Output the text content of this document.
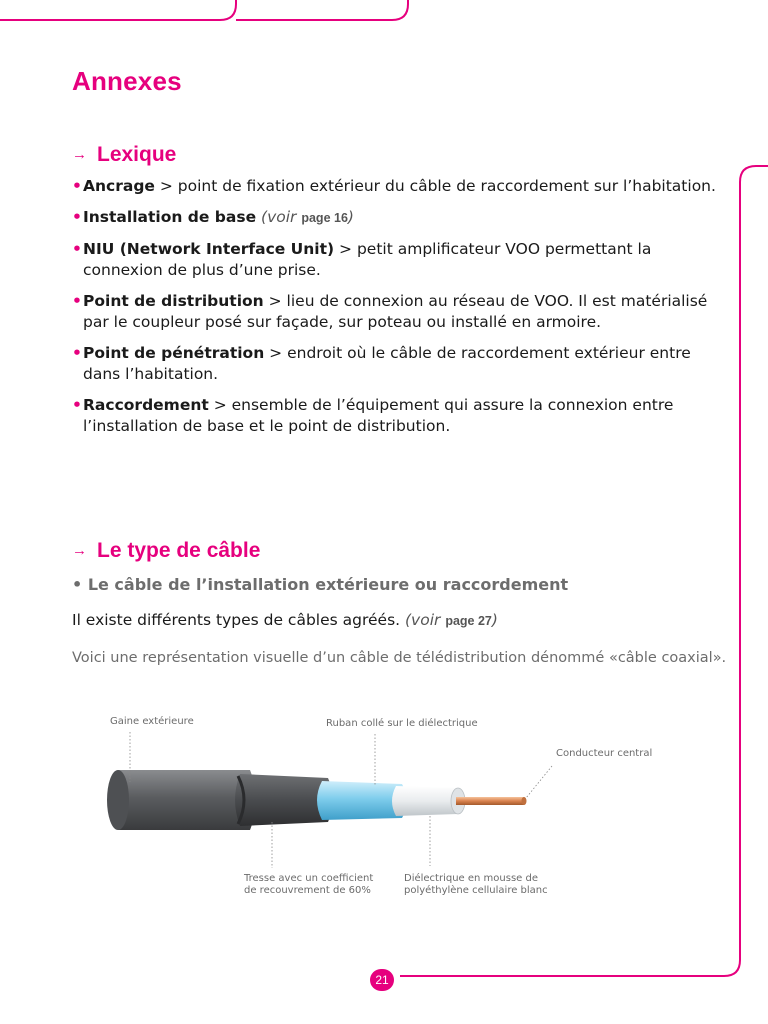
Annexes
→ Lexique
• Ancrage > point de fixation extérieur du câble de raccordement sur l’habitation.
• Installation de base (voir page 16)
• NIU (Network Interface Unit) > petit amplificateur VOO permettant la connexion de plus d’une prise.
• Point de distribution > lieu de connexion au réseau de VOO. Il est matérialisé par le coupleur posé sur façade, sur poteau ou installé en armoire.
• Point de pénétration > endroit où le câble de raccordement extérieur entre dans l’habitation.
• Raccordement > ensemble de l’équipement qui assure la connexion entre l’installation de base et le point de distribution.
→ Le type de câble

• Le câble de l’installation extérieure ou raccordement

Il existe différents types de câbles agréés. (voir page 27)

Voici une représentation visuelle d’un câble de télédistribution dénommé «câble coaxial».

Gaine extérieure	Ruban collé sur le diélectrique

Conducteur central

Tresse avec un coefficient
de recouvrement de 60%
Diélectrique en mousse de
polyéthylène cellulaire blanc

21
